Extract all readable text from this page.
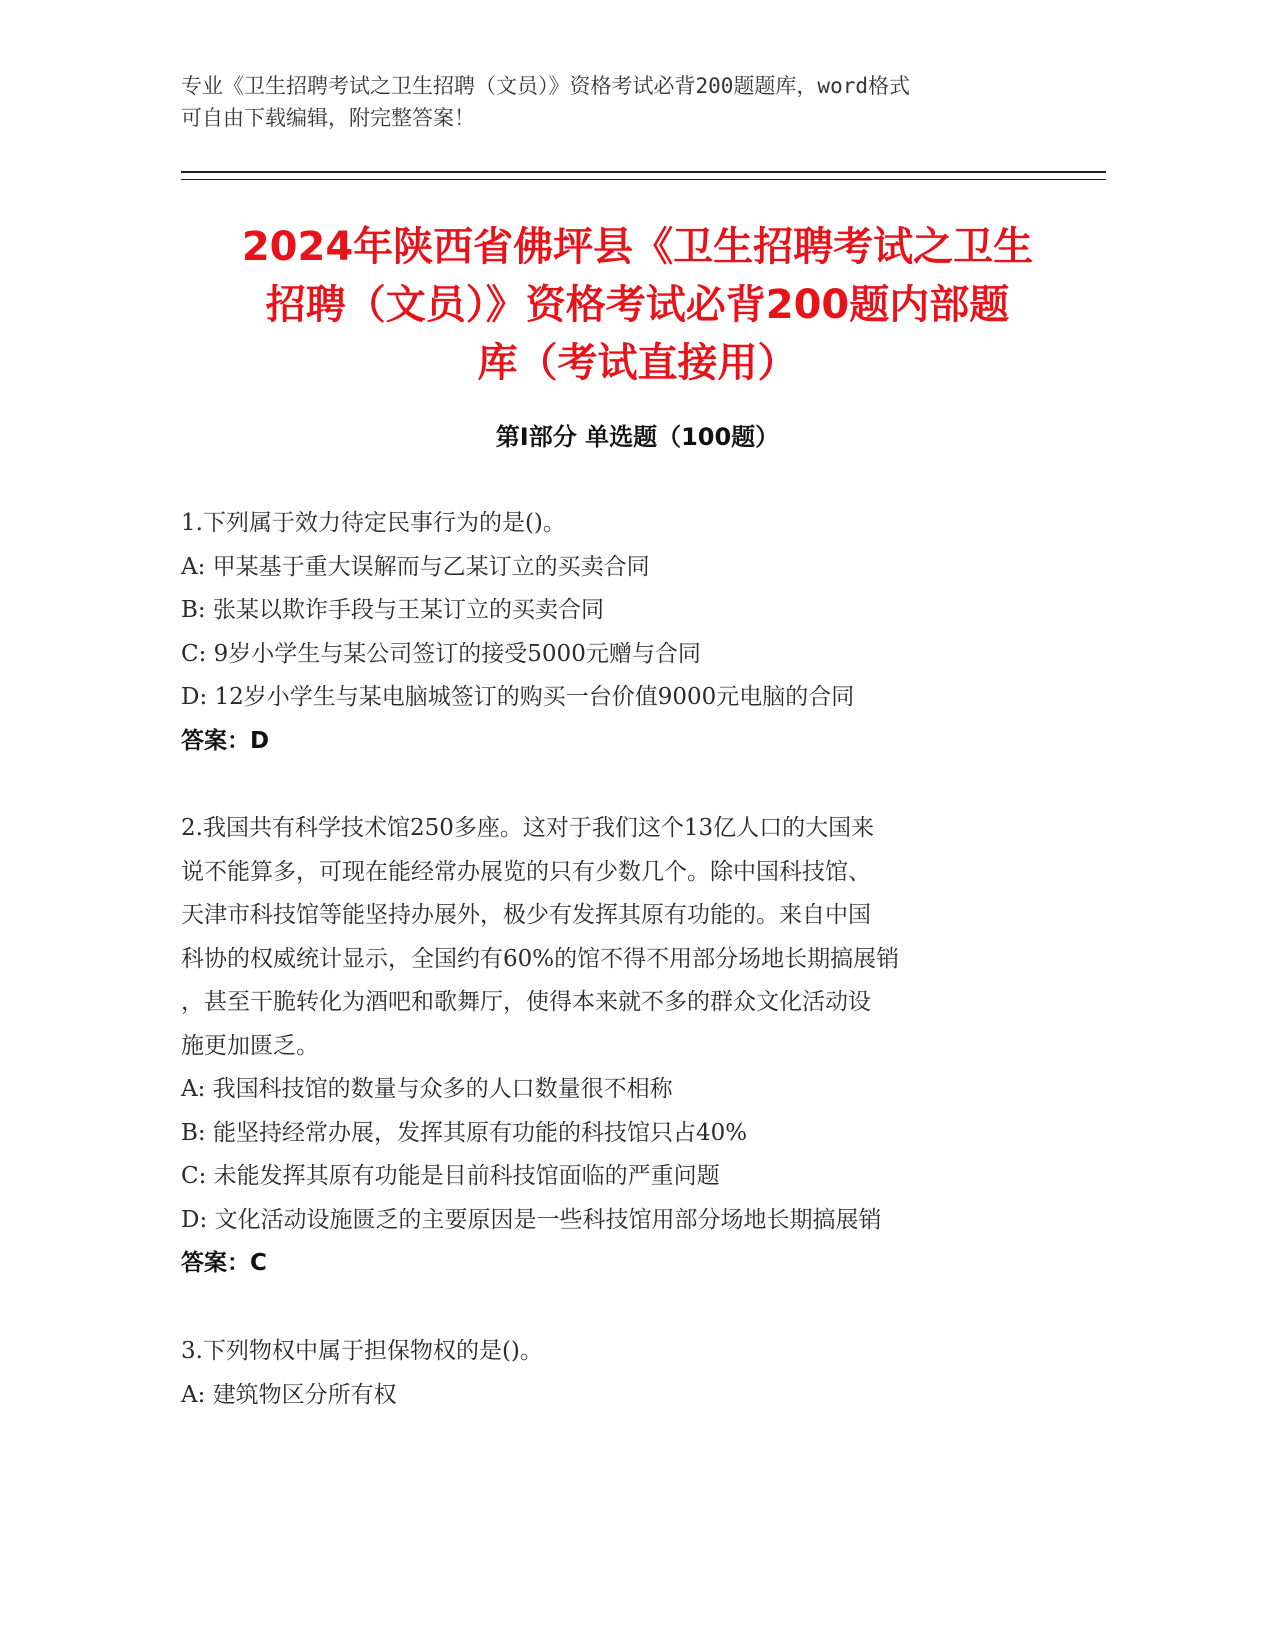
专业《卫生招聘考试之卫生招聘（文员）》资格考试必背200题题库，word格式
可自由下载编辑，附完整答案！
2024年陕西省佛坪县《卫生招聘考试之卫生
招聘（文员）》资格考试必背200题内部题
库（考试直接用）
第Ⅰ部分 单选题（100题）
1.下列属于效力待定民事行为的是()。
A: 甲某基于重大误解而与乙某订立的买卖合同
B: 张某以欺诈手段与王某订立的买卖合同
C: 9岁小学生与某公司签订的接受5000元赠与合同
D: 12岁小学生与某电脑城签订的购买一台价值9000元电脑的合同
答案：D
2.我国共有科学技术馆250多座。这对于我们这个13亿人口的大国来
说不能算多，可现在能经常办展览的只有少数几个。除中国科技馆、
天津市科技馆等能坚持办展外，极少有发挥其原有功能的。来自中国
科协的权威统计显示，全国约有60%的馆不得不用部分场地长期搞展销
，甚至干脆转化为酒吧和歌舞厅，使得本来就不多的群众文化活动设
施更加匮乏。
A: 我国科技馆的数量与众多的人口数量很不相称
B: 能坚持经常办展，发挥其原有功能的科技馆只占40%
C: 未能发挥其原有功能是目前科技馆面临的严重问题
D: 文化活动设施匮乏的主要原因是一些科技馆用部分场地长期搞展销
答案：C
3.下列物权中属于担保物权的是()。
A: 建筑物区分所有权
